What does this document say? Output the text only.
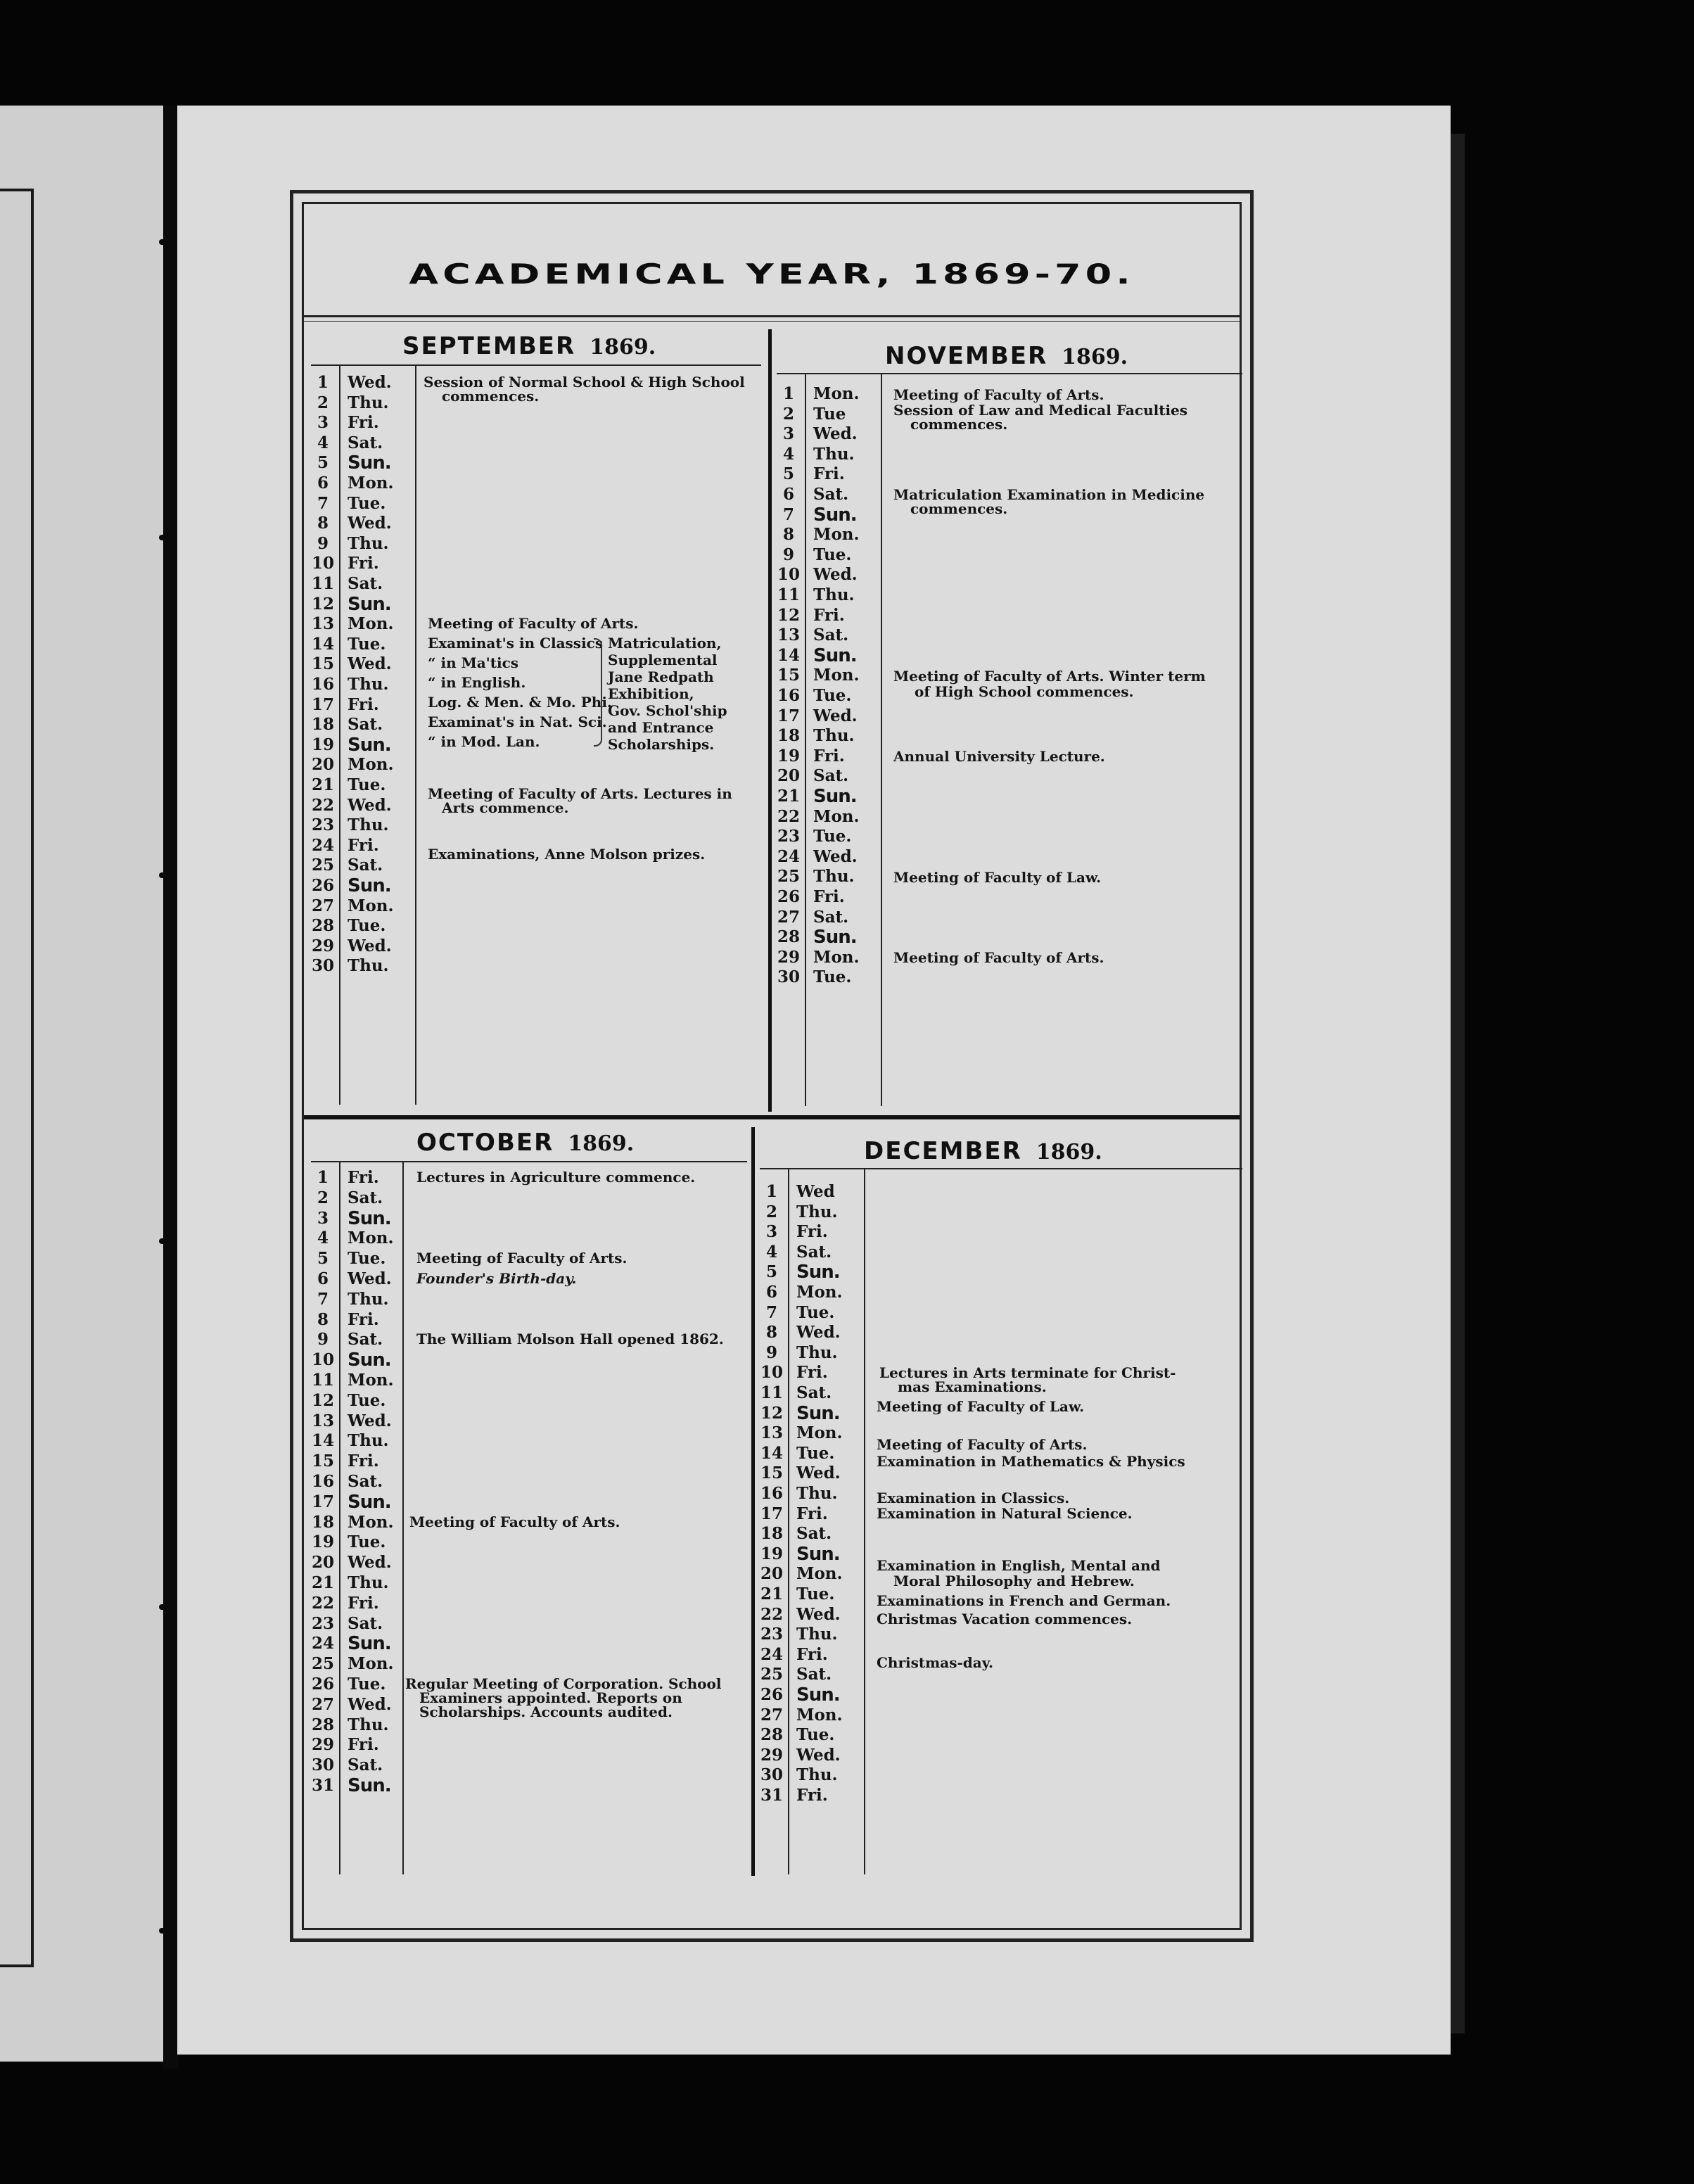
ACADEMICAL YEAR, 1869-70.
SEPTEMBER 1869.
Session of Normal School & High School
commences.
Meeting of Faculty of Arts.
Examinat's in Classics
“ in Ma'tics
“ in English.
Log. & Men. & Mo. Phi.
Examinat's in Nat. Sci.
“ in Mod. Lan.
Matriculation,
Supplemental
Jane Redpath
Exhibition,
Gov. Schol'ship
and Entrance
Scholarships.
Meeting of Faculty of Arts. Lectures in
Arts commence.
Examinations, Anne Molson prizes.
1 Wed.
2 Thu.
3 Fri.
4 Sat.
5 Sun.
6 Mon.
7 Tue.
8 Wed.
9 Thu.
10 Fri.
11 Sat.
12 Sun.
13 Mon.
14 Tue.
15 Wed.
16 Thu.
17 Fri.
18 Sat.
19 Sun.
20 Mon.
21 Tue.
22 Wed.
23 Thu.
24 Fri.
25 Sat.
26 Sun.
27 Mon.
28 Tue.
29 Wed.
30 Thu.
NOVEMBER 1869.
Meeting of Faculty of Arts.
Session of Law and Medical Faculties
commences.
Matriculation Examination in Medicine
commences.
Meeting of Faculty of Arts. Winter term
of High School commences.
Annual University Lecture.
Meeting of Faculty of Law.
Meeting of Faculty of Arts.
1 Mon.
2 Tue
3 Wed.
4 Thu.
5 Fri.
6 Sat.
7 Sun.
8 Mon.
9 Tue.
10 Wed.
11 Thu.
12 Fri.
13 Sat.
14 Sun.
15 Mon.
16 Tue.
17 Wed.
18 Thu.
19 Fri.
20 Sat.
21 Sun.
22 Mon.
23 Tue.
24 Wed.
25 Thu.
26 Fri.
27 Sat.
28 Sun.
29 Mon.
30 Tue.
OCTOBER 1869.
Lectures in Agriculture commence.
Meeting of Faculty of Arts.
Founder's Birth-day.
The William Molson Hall opened 1862.
Meeting of Faculty of Arts.
Regular Meeting of Corporation. School
Examiners appointed. Reports on
Scholarships. Accounts audited.
1 Fri.
2 Sat.
3 Sun.
4 Mon.
5 Tue.
6 Wed.
7 Thu.
8 Fri.
9 Sat.
10 Sun.
11 Mon.
12 Tue.
13 Wed.
14 Thu.
15 Fri.
16 Sat.
17 Sun.
18 Mon.
19 Tue.
20 Wed.
21 Thu.
22 Fri.
23 Sat.
24 Sun.
25 Mon.
26 Tue.
27 Wed.
28 Thu.
29 Fri.
30 Sat.
31 Sun.
DECEMBER 1869.
Lectures in Arts terminate for Christ-
mas Examinations.
Meeting of Faculty of Law.
Meeting of Faculty of Arts.
Examination in Mathematics & Physics
Examination in Classics.
Examination in Natural Science.
Examination in English, Mental and
Moral Philosophy and Hebrew.
Examinations in French and German.
Christmas Vacation commences.
Christmas-day.
1 Wed
2 Thu.
3 Fri.
4 Sat.
5 Sun.
6 Mon.
7 Tue.
8 Wed.
9 Thu.
10 Fri.
11 Sat.
12 Sun.
13 Mon.
14 Tue.
15 Wed.
16 Thu.
17 Fri.
18 Sat.
19 Sun.
20 Mon.
21 Tue.
22 Wed.
23 Thu.
24 Fri.
25 Sat.
26 Sun.
27 Mon.
28 Tue.
29 Wed.
30 Thu.
31 Fri.
